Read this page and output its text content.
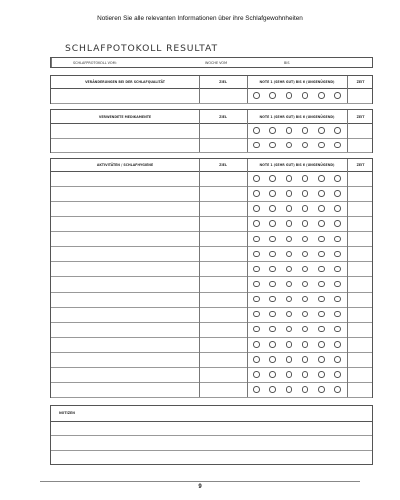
Notieren Sie alle relevanten Informationen über ihre Schlafgewohnheiten
SCHLAFPOTOKOLL RESULTAT
SCHLAFPROTOKOLL VOM:	WOCHE VOM	BIS
VERÄNDERUNGEN BEI DER SCHLAFQUALITÄT	ZIEL	NOTE 1 (SEHR GUT) BIS 6 (UNGENÜGEND)	ZEIT
VERWENDETE MEDIKAMENTE	ZIEL	NOTE 1 (SEHR GUT) BIS 6 (UNGENÜGEND)	ZEIT
AKTIVITÄTEN / SCHLAFHYGIENE	ZIEL	NOTE 1 (SEHR GUT) BIS 6 (UNGENÜGEND)	ZEIT
NOTIZEN
9
